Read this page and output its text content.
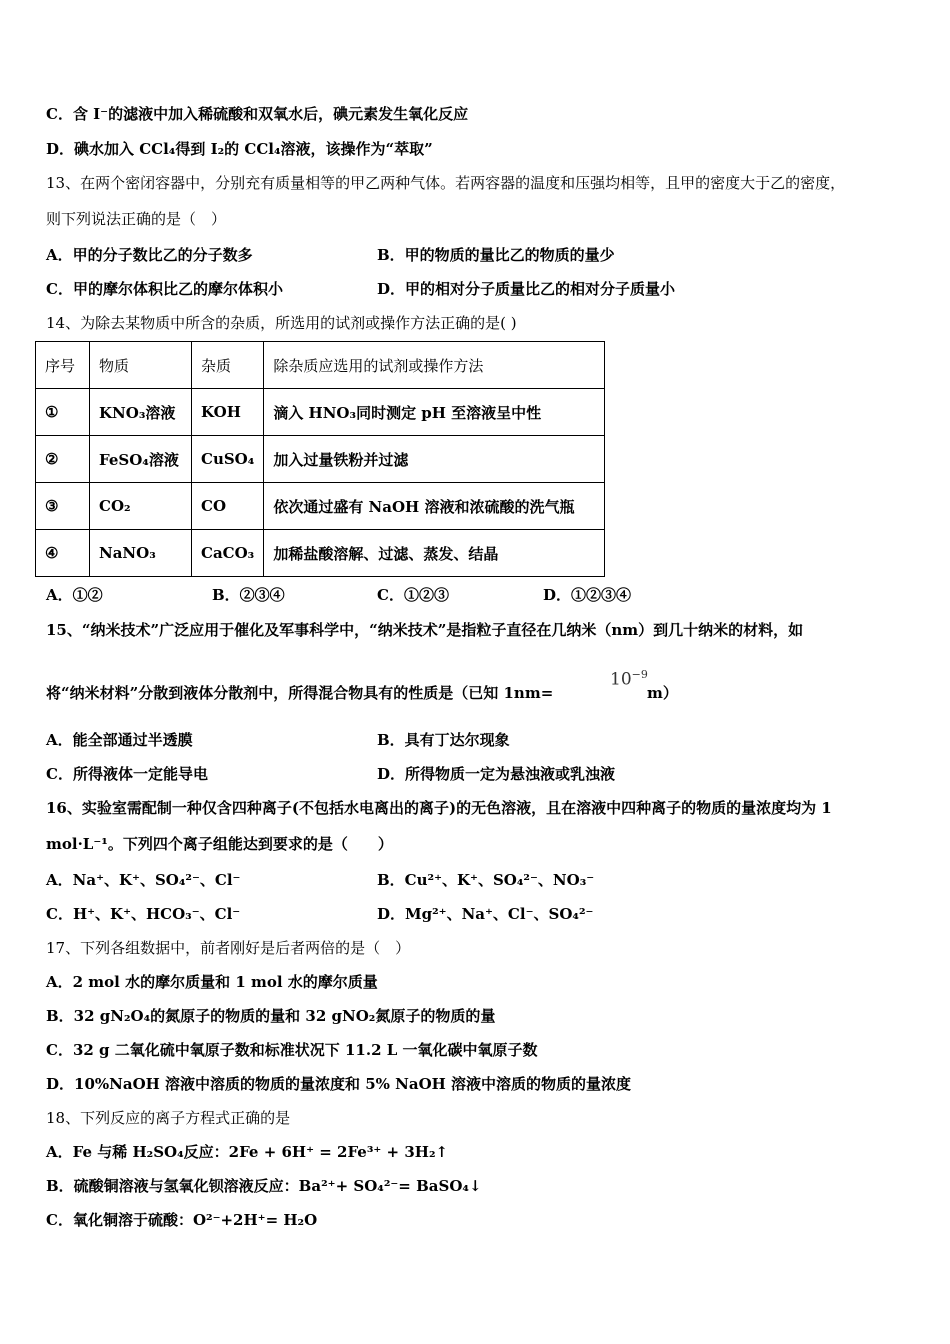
C．含 I⁻的滤液中加入稀硫酸和双氧水后，碘元素发生氧化反应
D．碘水加入 CCl₄得到 I₂的 CCl₄溶液，该操作为“萃取”
13、在两个密闭容器中，分别充有质量相等的甲乙两种气体。若两容器的温度和压强均相等，且甲的密度大于乙的密度，
则下列说法正确的是（　）
A．甲的分子数比乙的分子数多	B．甲的物质的量比乙的物质的量少
C．甲的摩尔体积比乙的摩尔体积小	D．甲的相对分子质量比乙的相对分子质量小
14、为除去某物质中所含的杂质，所选用的试剂或操作方法正确的是( )
序号	物质	杂质	除杂质应选用的试剂或操作方法
①	KNO₃溶液	KOH	滴入 HNO₃同时测定 pH 至溶液呈中性
②	FeSO₄溶液	CuSO₄	加入过量铁粉并过滤
③	CO₂	CO	依次通过盛有 NaOH 溶液和浓硫酸的洗气瓶
④	NaNO₃	CaCO₃	加稀盐酸溶解、过滤、蒸发、结晶
A．①②	B．②③④	C．①②③	D．①②③④
15、“纳米技术”广泛应用于催化及军事科学中，“纳米技术”是指粒子直径在几纳米（nm）到几十纳米的材料，如
将“纳米材料”分散到液体分散剂中，所得混合物具有的性质是（已知 1nm=
$10^{-9}$
m）
A．能全部通过半透膜	B．具有丁达尔现象
C．所得液体一定能导电	D．所得物质一定为悬浊液或乳浊液
16、实验室需配制一种仅含四种离子(不包括水电离出的离子)的无色溶液，且在溶液中四种离子的物质的量浓度均为 1
mol·L⁻¹。下列四个离子组能达到要求的是（　　）
A．Na⁺、K⁺、SO₄²⁻、Cl⁻	B．Cu²⁺、K⁺、SO₄²⁻、NO₃⁻
C．H⁺、K⁺、HCO₃⁻、Cl⁻	D．Mg²⁺、Na⁺、Cl⁻、SO₄²⁻
17、下列各组数据中，前者刚好是后者两倍的是（　）
A．2 mol 水的摩尔质量和 1 mol 水的摩尔质量
B．32 gN₂O₄的氮原子的物质的量和 32 gNO₂氮原子的物质的量
C．32 g 二氧化硫中氧原子数和标准状况下 11.2 L 一氧化碳中氧原子数
D．10%NaOH 溶液中溶质的物质的量浓度和 5% NaOH 溶液中溶质的物质的量浓度
18、下列反应的离子方程式正确的是
A．Fe 与稀 H₂SO₄反应：2Fe + 6H⁺ = 2Fe³⁺ + 3H₂↑
B．硫酸铜溶液与氢氧化钡溶液反应：Ba²⁺+ SO₄²⁻= BaSO₄↓
C．氧化铜溶于硫酸：O²⁻+2H⁺= H₂O
